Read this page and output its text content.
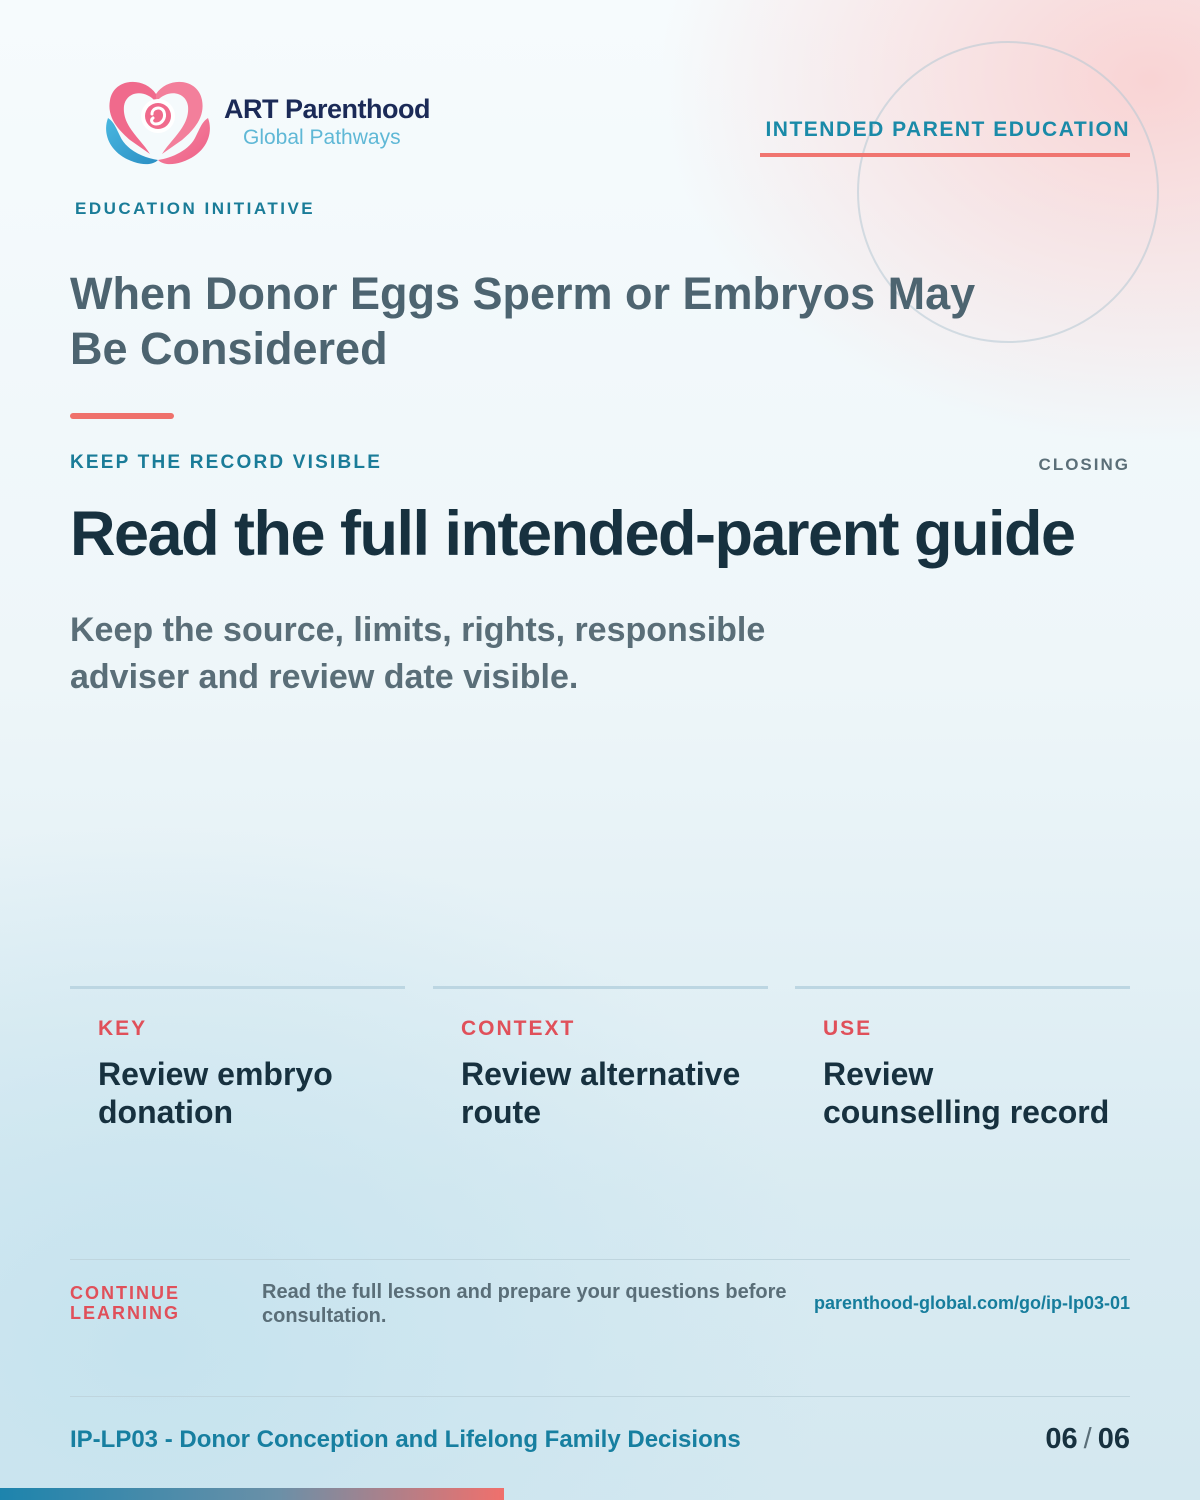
ART Parenthood
Global Pathways	INTENDED PARENT EDUCATION
EDUCATION INITIATIVE
When Donor Eggs Sperm or Embryos May Be Considered
KEEP THE RECORD VISIBLE	CLOSING
Read the full intended-parent guide

Keep the source, limits, rights, responsible adviser and review date visible.

KEY
Review embryo donation
CONTEXT
Review alternative route
USE
Review counselling record
CONTINUE
LEARNING
Read the full lesson and prepare your questions before consultation.
parenthood-global.com/go/ip-lp03-01
IP-LP03 - Donor Conception and Lifelong Family Decisions	06 / 06
